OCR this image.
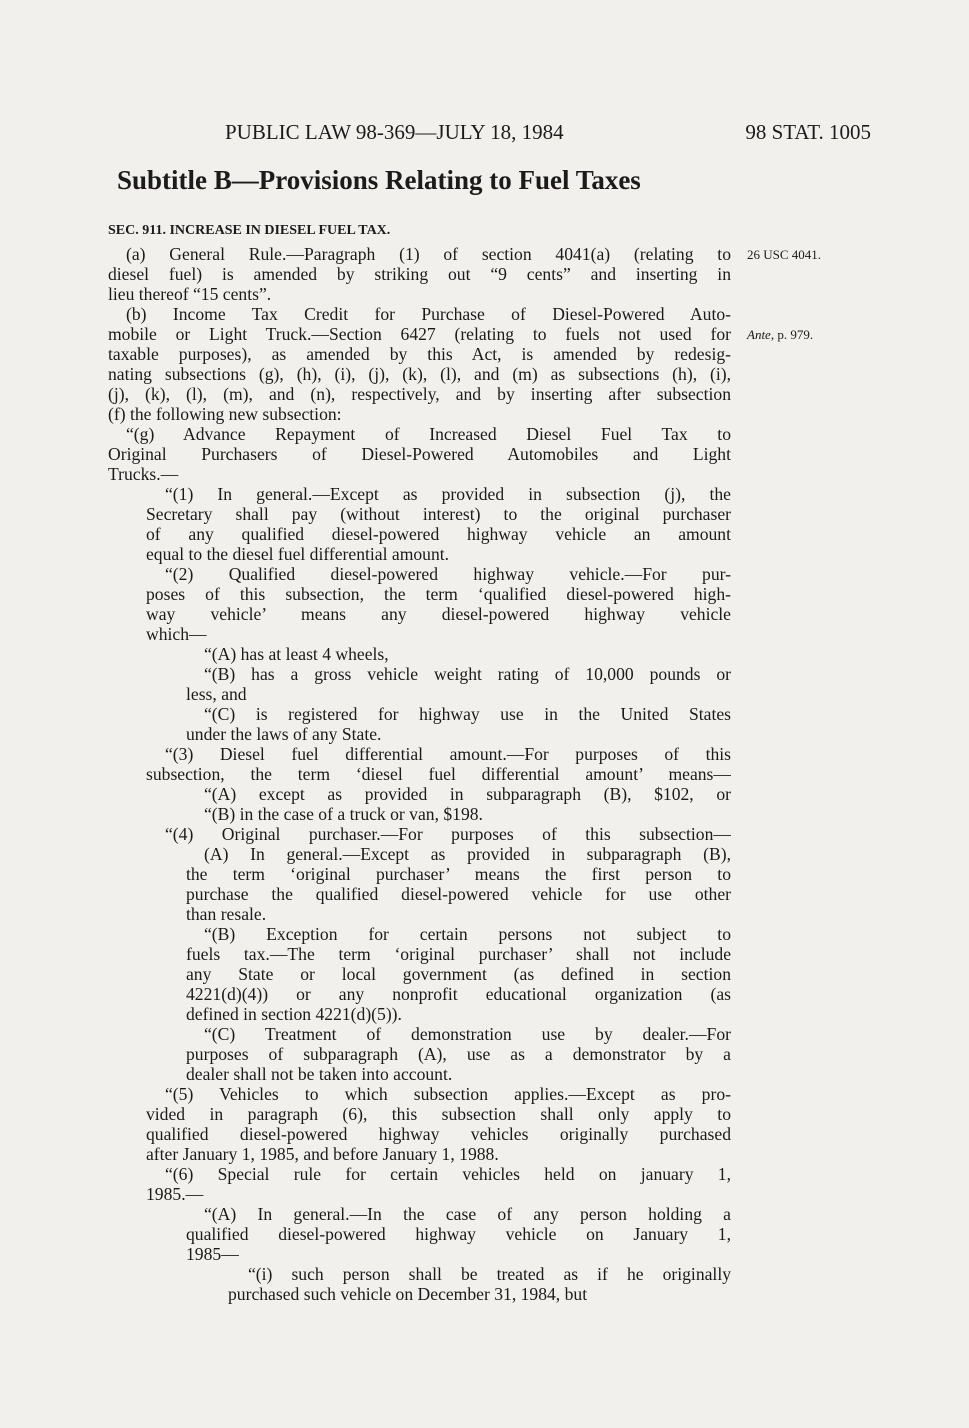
PUBLIC LAW 98-369—JULY 18, 1984	98 STAT. 1005
Subtitle B—Provisions Relating to Fuel Taxes
26 USC 4041.
Ante, p. 979.
SEC. 911. INCREASE IN DIESEL FUEL TAX.
(a) General Rule.—Paragraph (1) of section 4041(a) (relating to
diesel fuel) is amended by striking out “9 cents” and inserting in
lieu thereof “15 cents”.
(b) Income Tax Credit for Purchase of Diesel-Powered Auto-
mobile or Light Truck.—Section 6427 (relating to fuels not used for
taxable purposes), as amended by this Act, is amended by redesig-
nating subsections (g), (h), (i), (j), (k), (l), and (m) as subsections (h), (i),
(j), (k), (l), (m), and (n), respectively, and by inserting after subsection
(f) the following new subsection:
“(g) Advance Repayment of Increased Diesel Fuel Tax to
Original Purchasers of Diesel-Powered Automobiles and Light
Trucks.—
“(1) In general.—Except as provided in subsection (j), the
Secretary shall pay (without interest) to the original purchaser
of any qualified diesel-powered highway vehicle an amount
equal to the diesel fuel differential amount.
“(2) Qualified diesel-powered highway vehicle.—For pur-
poses of this subsection, the term ‘qualified diesel-powered high-
way vehicle’ means any diesel-powered highway vehicle
which—
“(A) has at least 4 wheels,
“(B) has a gross vehicle weight rating of 10,000 pounds or
less, and
“(C) is registered for highway use in the United States
under the laws of any State.
“(3) Diesel fuel differential amount.—For purposes of this
subsection, the term ‘diesel fuel differential amount’ means—
“(A) except as provided in subparagraph (B), $102, or
“(B) in the case of a truck or van, $198.
“(4) Original purchaser.—For purposes of this subsection—
(A) In general.—Except as provided in subparagraph (B),
the term ‘original purchaser’ means the first person to
purchase the qualified diesel-powered vehicle for use other
than resale.
“(B) Exception for certain persons not subject to
fuels tax.—The term ‘original purchaser’ shall not include
any State or local government (as defined in section
4221(d)(4)) or any nonprofit educational organization (as
defined in section 4221(d)(5)).
“(C) Treatment of demonstration use by dealer.—For
purposes of subparagraph (A), use as a demonstrator by a
dealer shall not be taken into account.
“(5) Vehicles to which subsection applies.—Except as pro-
vided in paragraph (6), this subsection shall only apply to
qualified diesel-powered highway vehicles originally purchased
after January 1, 1985, and before January 1, 1988.
“(6) Special rule for certain vehicles held on january 1,
1985.—
“(A) In general.—In the case of any person holding a
qualified diesel-powered highway vehicle on January 1,
1985—
“(i) such person shall be treated as if he originally
purchased such vehicle on December 31, 1984, but
